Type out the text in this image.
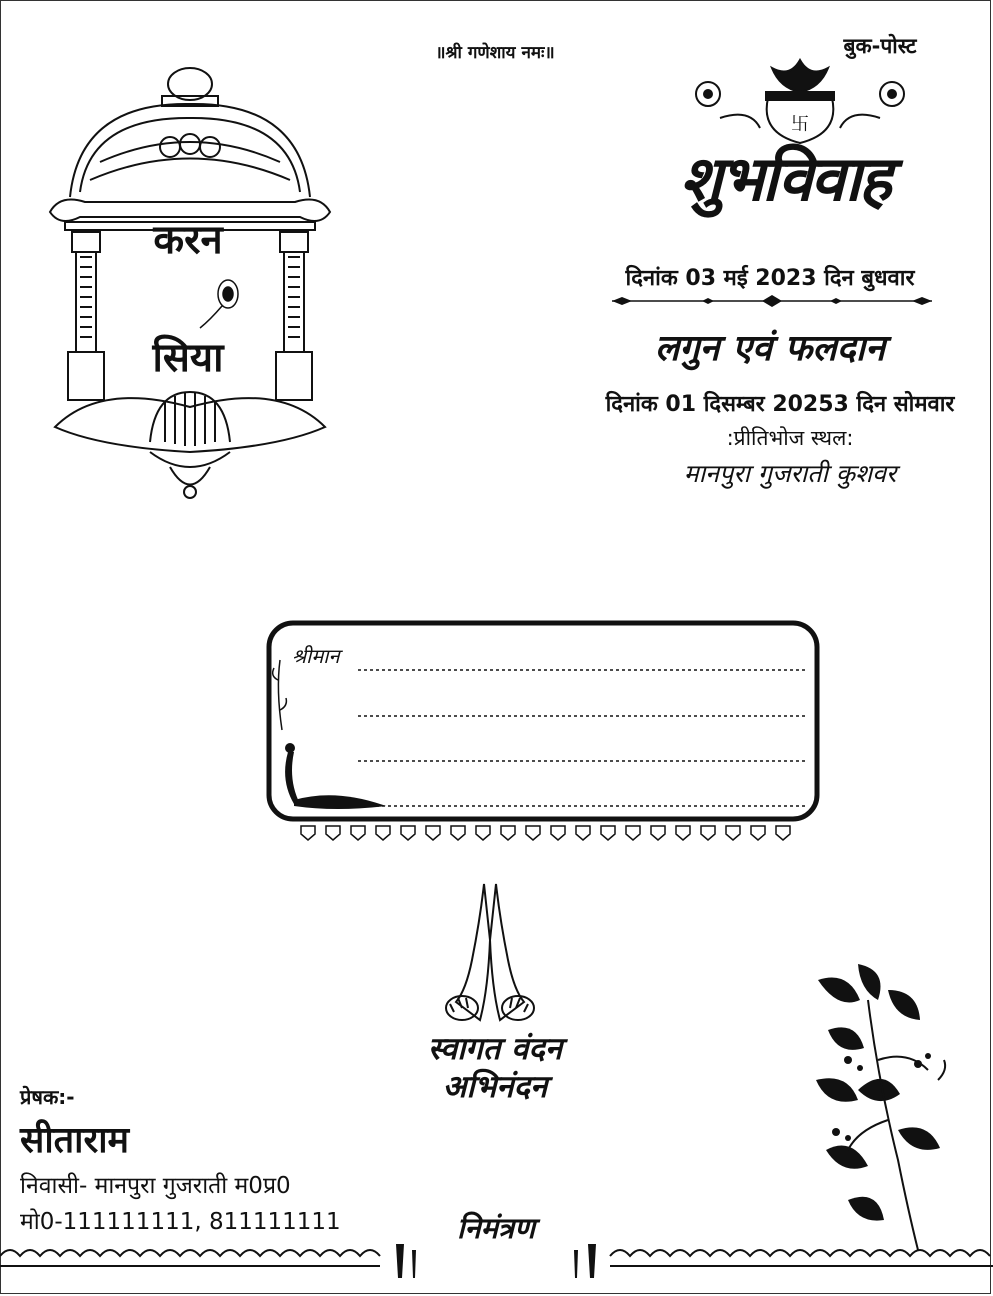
॥श्री गणेशाय नमः॥	बुक-पोस्ट
करन
सिया
卐
शुभविवाह
दिनांक 03 मई 2023 दिन बुधवार
लगुन एवं फलदान
दिनांक 01 दिसम्बर 20253 दिन सोमवार
:प्रीतिभोज स्थल:
मानपुरा गुजराती कुशवर
श्रीमान
स्वागत वंदन
अभिनंदन
प्रेषक:-
सीताराम
निवासी- मानपुरा गुजराती म0प्र0
मो0-111111111, 811111111	निमंत्रण
